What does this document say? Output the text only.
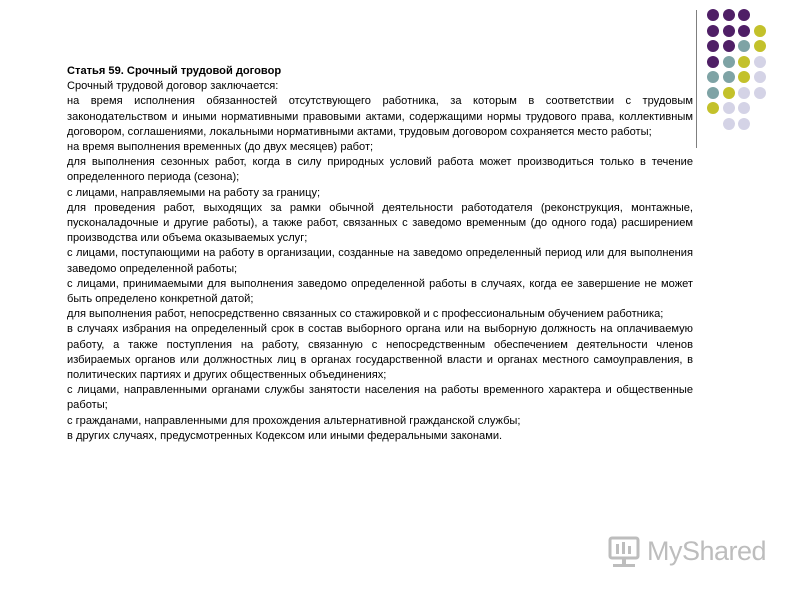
Статья 59. Срочный трудовой договор

Срочный трудовой договор заключается:

на время исполнения обязанностей отсутствующего работника, за которым в соответствии с трудовым законодательством и иными нормативными правовыми актами, содержащими нормы трудового права, коллективным договором, соглашениями, локальными нормативными актами, трудовым договором сохраняется место работы;

на время выполнения временных (до двух месяцев) работ;

для выполнения сезонных работ, когда в силу природных условий работа может производиться только в течение определенного периода (сезона);

с лицами, направляемыми на работу за границу;

для проведения работ, выходящих за рамки обычной деятельности работодателя (реконструкция, монтажные, пусконаладочные и другие работы), а также работ, связанных с заведомо временным (до одного года) расширением производства или объема оказываемых услуг;

с лицами, поступающими на работу в организации, созданные на заведомо определенный период или для выполнения заведомо определенной работы;

с лицами, принимаемыми для выполнения заведомо определенной работы в случаях, когда ее завершение не может быть определено конкретной датой;

для выполнения работ, непосредственно связанных со стажировкой и с профессиональным обучением работника;

в случаях избрания на определенный срок в состав выборного органа или на выборную должность на оплачиваемую работу, а также поступления на работу, связанную с непосредственным обеспечением деятельности членов избираемых органов или должностных лиц в органах государственной власти и органах местного самоуправления, в политических партиях и других общественных объединениях;

с лицами, направленными органами службы занятости населения на работы временного характера и общественные работы;

с гражданами, направленными для прохождения альтернативной гражданской службы;

в других случаях, предусмотренных Кодексом или иными федеральными законами.

MyShared
